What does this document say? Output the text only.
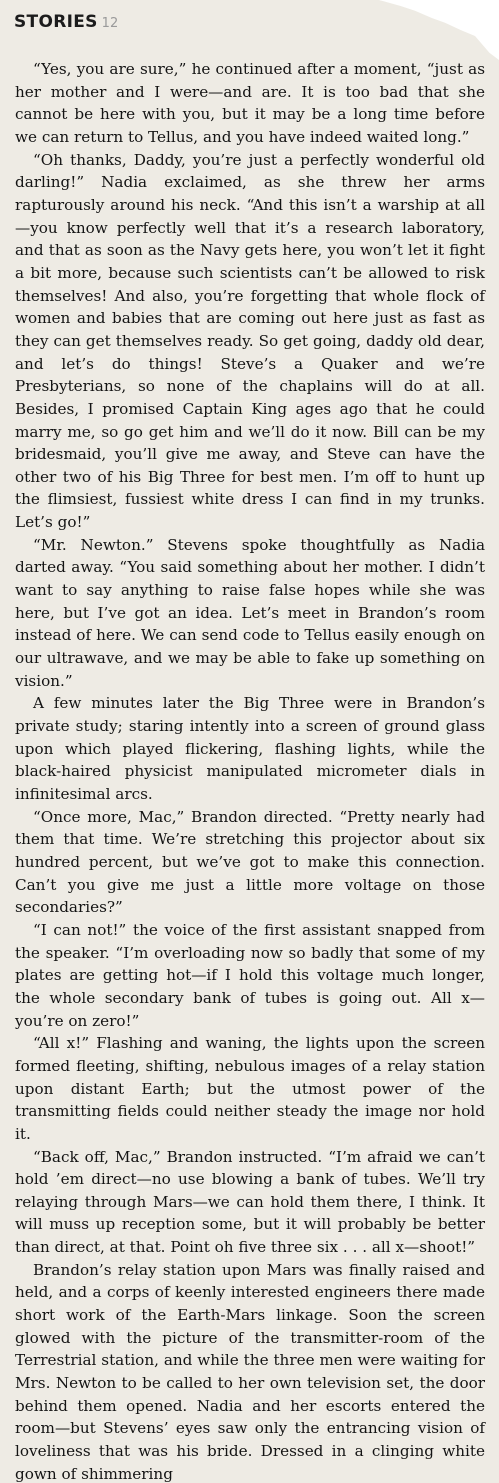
STORIES 12

“Yes, you are sure,” he continued after a moment, “just as her mother and I were—and are. It is too bad that she cannot be here with you, but it may be a long time before we can return to Tellus, and you have indeed waited long.”

“Oh thanks, Daddy, you’re just a perfectly wonderful old darling!” Nadia exclaimed, as she threw her arms rapturously around his neck. “And this isn’t a warship at all—you know perfectly well that it’s a research laboratory, and that as soon as the Navy gets here, you won’t let it fight a bit more, because such scientists can’t be allowed to risk themselves! And also, you’re forgetting that whole flock of women and babies that are coming out here just as fast as they can get themselves ready. So get going, daddy old dear, and let’s do things! Steve’s a Quaker and we’re Presbyterians, so none of the chaplains will do at all. Besides, I promised Captain King ages ago that he could marry me, so go get him and we’ll do it now. Bill can be my bridesmaid, you’ll give me away, and Steve can have the other two of his Big Three for best men. I’m off to hunt up the flimsiest, fussiest white dress I can find in my trunks. Let’s go!”

“Mr. Newton.” Stevens spoke thoughtfully as Nadia darted away. “You said something about her mother. I didn’t want to say anything to raise false hopes while she was here, but I’ve got an idea. Let’s meet in Brandon’s room instead of here. We can send code to Tellus easily enough on our ultrawave, and we may be able to fake up something on vision.”

A few minutes later the Big Three were in Brandon’s private study; staring intently into a screen of ground glass upon which played flickering, flashing lights, while the black-haired physicist manipulated micrometer dials in infinitesimal arcs.

“Once more, Mac,” Brandon directed. “Pretty nearly had them that time. We’re stretching this projector about six hundred percent, but we’ve got to make this connection. Can’t you give me just a little more voltage on those secondaries?”

“I can not!” the voice of the first assistant snapped from the speaker. “I’m overloading now so badly that some of my plates are getting hot—if I hold this voltage much longer, the whole secondary bank of tubes is going out. All x—you’re on zero!”

“All x!” Flashing and waning, the lights upon the screen formed fleeting, shifting, nebulous images of a relay station upon distant Earth; but the utmost power of the transmitting fields could neither steady the image nor hold it.

“Back off, Mac,” Brandon instructed. “I’m afraid we can’t hold ’em direct—no use blowing a bank of tubes. We’ll try relaying through Mars—we can hold them there, I think. It will muss up reception some, but it will probably be better than direct, at that. Point oh five three six . . . all x—shoot!”

Brandon’s relay station upon Mars was finally raised and held, and a corps of keenly interested engineers there made short work of the Earth-Mars linkage. Soon the screen glowed with the picture of the transmitter-room of the Terrestrial station, and while the three men were waiting for Mrs. Newton to be called to her own television set, the door behind them opened. Nadia and her escorts entered the room—but Stevens’ eyes saw only the entrancing vision of loveliness that was his bride. Dressed in a clinging white gown of shimmering
